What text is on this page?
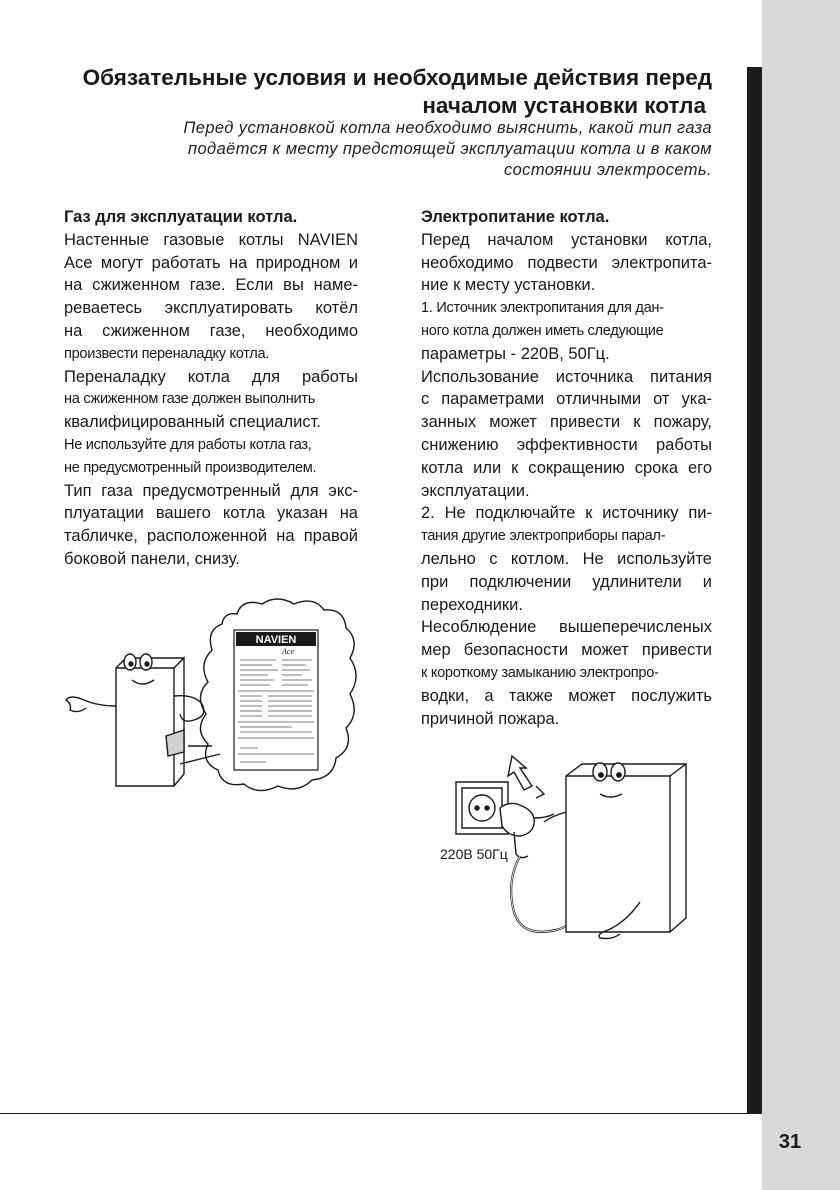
31
Обязательные условия и необходимые действия перед
началом установки котла
Перед установкой котла необходимо выяснить, какой тип газа
подаётся к месту предстоящей эксплуатации котла и в каком
состоянии электросеть.
Газ для эксплуатации котла.
Настенные газовые котлы NAVIEN
Ace могут работать на природном и
на сжиженном газе. Если вы наме-
реваетесь эксплуатировать котёл
на сжиженном газе, необходимо
произвести переналадку котла.
Переналадку котла для работы
на сжиженном газе должен выполнить
квалифицированный специалист.
Не используйте для работы котла газ,
не предусмотренный производителем.
Тип газа предусмотренный для экс-
плуатации вашего котла указан на
табличке, расположенной на правой
боковой панели, снизу.
Электропитание котла.
Перед началом установки котла,
необходимо подвести электропита-
ние к месту установки.
1. Источник электропитания для дан-
ного котла должен иметь следующие
параметры - 220В, 50Гц.
Использование источника питания
с параметрами отличными от ука-
занных может привести к пожару,
снижению эффективности работы
котла или к сокращению срока его
эксплуатации.
2. Не подключайте к источнику пи-
тания другие электроприборы парал-
лельно с котлом. Не используйте
при подключении удлинители и
переходники.
Несоблюдение вышеперечисленых
мер безопасности может привести
к короткому замыканию электропро-
водки, а также может послужить
причиной пожара.
NAVIEN
Ace
220В 50Гц
